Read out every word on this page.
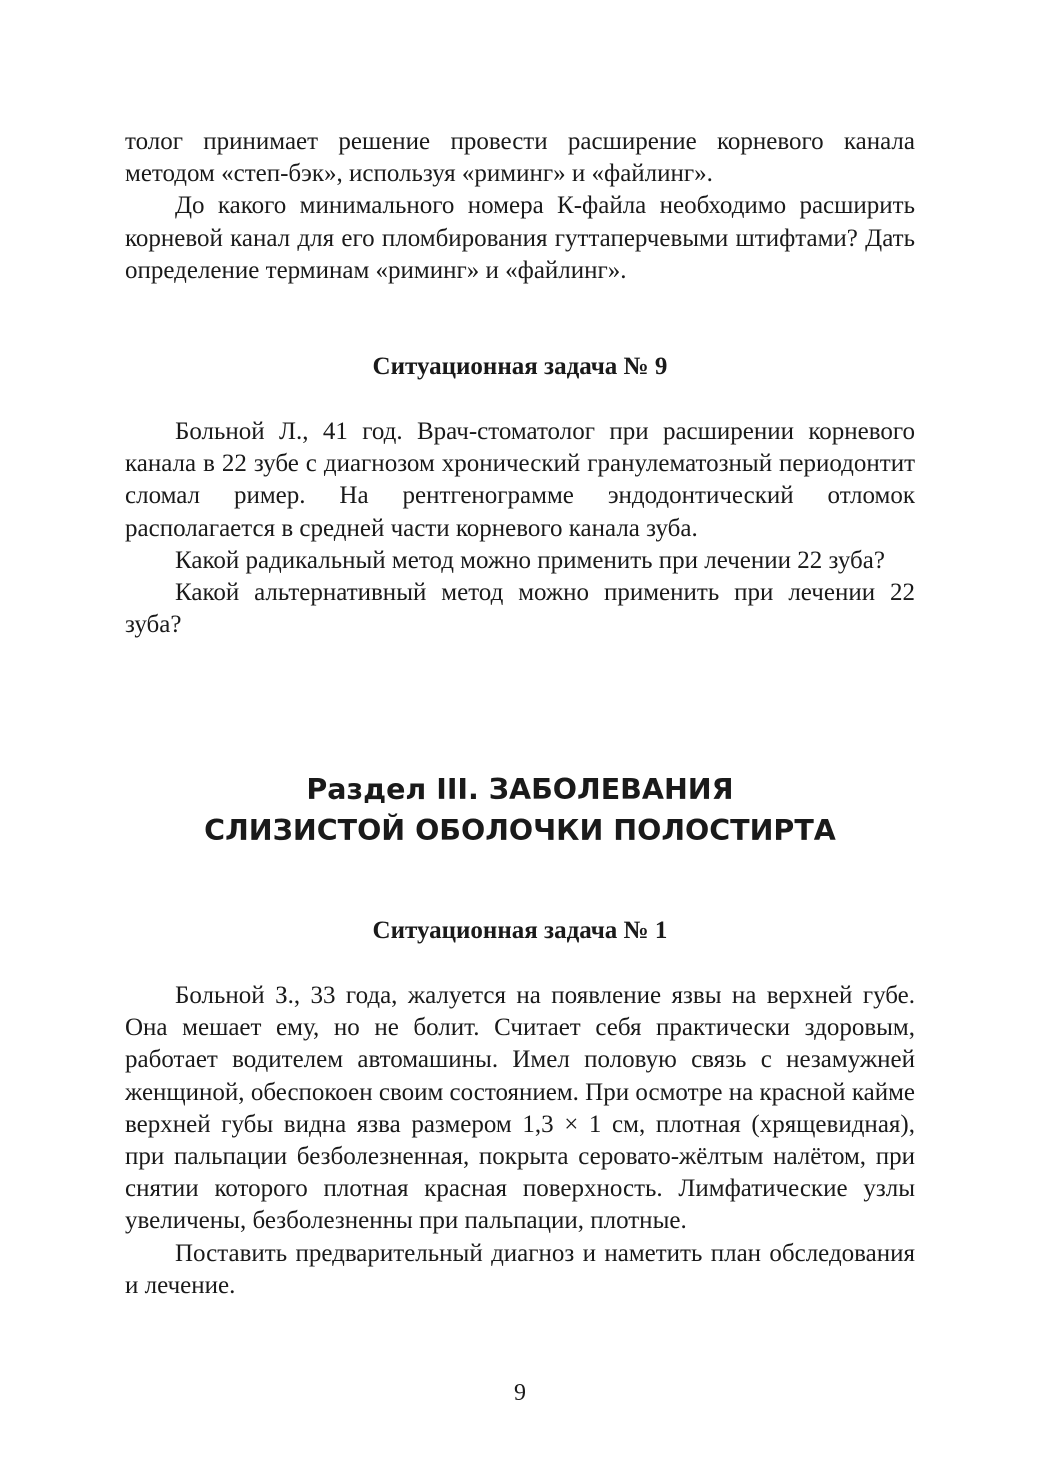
толог принимает решение провести расширение корневого канала методом «степ-бэк», используя «риминг» и «файлинг».

До какого минимального номера К-файла необходимо расширить корневой канал для его пломбирования гуттаперчевыми штифтами? Дать определение терминам «риминг» и «файлинг».

Ситуационная задача № 9

Больной Л., 41 год. Врач-стоматолог при расширении корневого канала в 22 зубе с диагнозом хронический гранулематозный периодонтит сломал ример. На рентгенограмме эндодонтический отломок располагается в средней части корневого канала зуба.

Какой радикальный метод можно применить при лечении 22 зуба?

Какой альтернативный метод можно применить при лечении 22 зуба?

Раздел III. ЗАБОЛЕВАНИЯ
СЛИЗИСТОЙ ОБОЛОЧКИ ПОЛОСТИРТА
Ситуационная задача № 1

Больной З., 33 года, жалуется на появление язвы на верхней губе. Она мешает ему, но не болит. Считает себя практически здоровым, работает водителем автомашины. Имел половую связь с незамужней женщиной, обеспокоен своим состоянием. При осмотре на красной кайме верхней губы видна язва размером 1,3 × 1 см, плотная (хрящевидная), при пальпации безболезненная, покрыта серовато-жёлтым налётом, при снятии которого плотная красная поверхность. Лимфатические узлы увеличены, безболезненны при пальпации, плотные.

Поставить предварительный диагноз и наметить план обследования и лечение.

9
